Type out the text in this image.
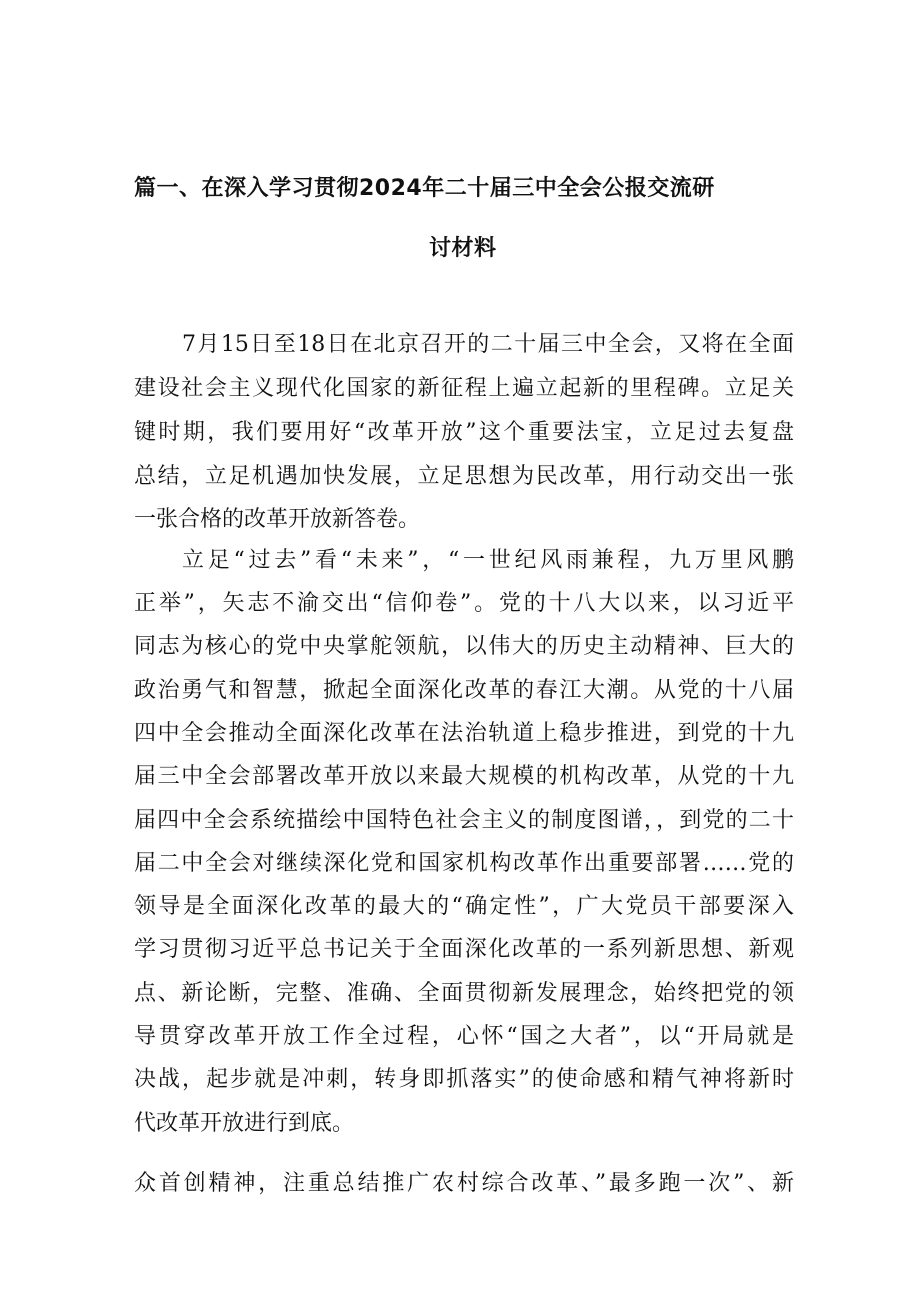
篇一、在深入学习贯彻2024年二十届三中全会公报交流研
讨材料
7月15日至18日在北京召开的二十届三中全会，又将在全面
建设社会主义现代化国家的新征程上遍立起新的里程碑。立足关
键时期，我们要用好“改革开放”这个重要法宝，立足过去复盘
总结，立足机遇加快发展，立足思想为民改革，用行动交出一张
一张合格的改革开放新答卷。
立足“过去”看“未来”，“一世纪风雨兼程，九万里风鹏
正举”，矢志不渝交出“信仰卷”。党的十八大以来，以习近平
同志为核心的党中央掌舵领航，以伟大的历史主动精神、巨大的
政治勇气和智慧，掀起全面深化改革的春江大潮。从党的十八届
四中全会推动全面深化改革在法治轨道上稳步推进，到党的十九
届三中全会部署改革开放以来最大规模的机构改革，从党的十九
届四中全会系统描绘中国特色社会主义的制度图谱，，到党的二十
届二中全会对继续深化党和国家机构改革作出重要部署……党的
领导是全面深化改革的最大的“确定性”，广大党员干部要深入
学习贯彻习近平总书记关于全面深化改革的一系列新思想、新观
点、新论断，完整、准确、全面贯彻新发展理念，始终把党的领
导贯穿改革开放工作全过程，心怀“国之大者”，以“开局就是
决战，起步就是冲刺，转身即抓落实”的使命感和精气神将新时
代改革开放进行到底。
众首创精神，注重总结推广农村综合改革、”最多跑一次”、新
